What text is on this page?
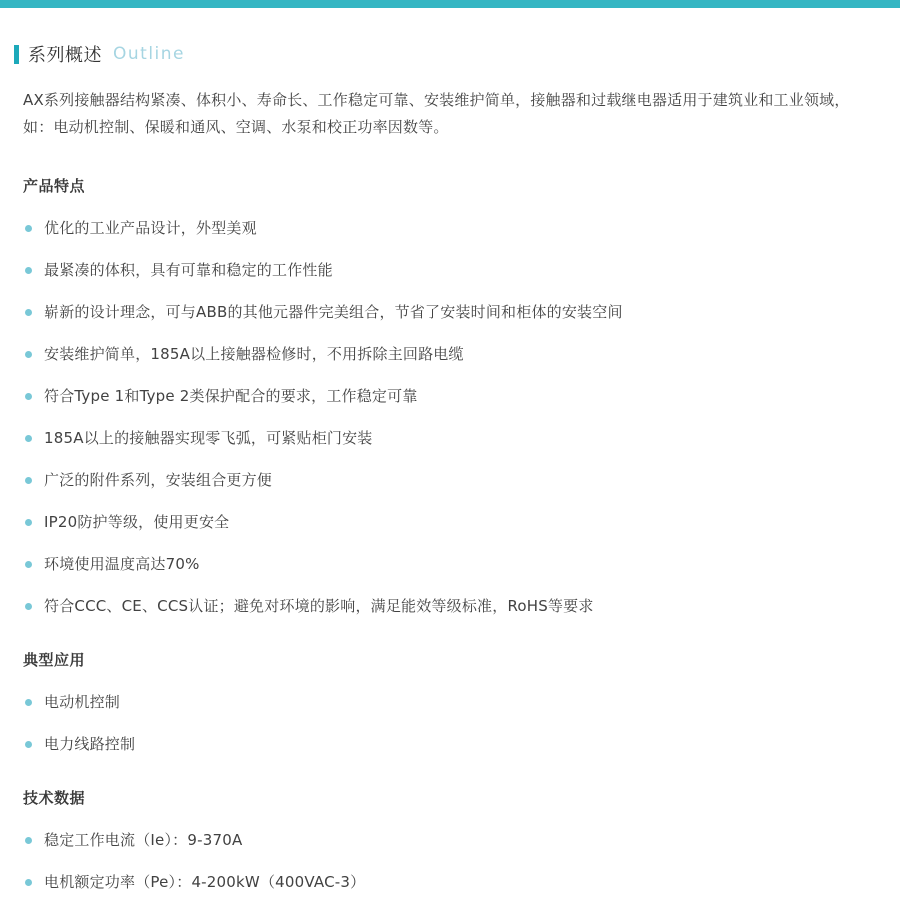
系列概述 Outline

AX系列接触器结构紧凑、体积小、寿命长、工作稳定可靠、安装维护简单，接触器和过载继电器适用于建筑业和工业领域，如：电动机控制、保暖和通风、空调、水泵和校正功率因数等。

产品特点
优化的工业产品设计，外型美观
最紧凑的体积，具有可靠和稳定的工作性能
崭新的设计理念，可与ABB的其他元器件完美组合，节省了安装时间和柜体的安装空间
安装维护简单，185A以上接触器检修时，不用拆除主回路电缆
符合Type 1和Type 2类保护配合的要求，工作稳定可靠
185A以上的接触器实现零飞弧，可紧贴柜门安装
广泛的附件系列，安装组合更方便
IP20防护等级，使用更安全
环境使用温度高达70%
符合CCC、CE、CCS认证；避免对环境的影响，满足能效等级标准，RoHS等要求
典型应用
电动机控制
电力线路控制
技术数据
稳定工作电流（Ie）：9-370A
电机额定功率（Pe）：4-200kW（400VAC-3）
